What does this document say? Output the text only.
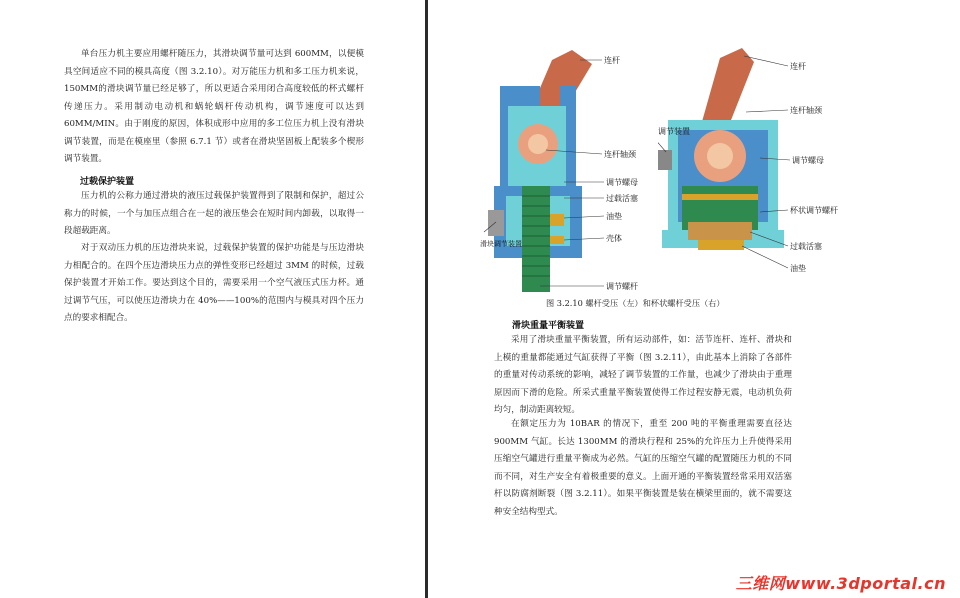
单台压力机主要应用螺杆随压力，其滑块调节量可达到 600MM，以便模具空间适应不同的模具高度（图 3.2.10）。对万能压力机和多工压力机来说，150MM的滑块调节量已经足够了，所以更适合采用闭合高度较低的杯式螺杆传递压力。采用制动电动机和蜗轮蜗杆传动机构，调节速度可以达到 60MM/MIN。由于刚度的原因，体积成形中应用的多工位压力机上没有滑块调节装置，而是在模座里（参照 6.7.1 节）或者在滑块坚固板上配装多个楔形调节装置。

过载保护装置

压力机的公称力通过滑块的液压过载保护装置得到了限制和保护，超过公称力的时候，一个与加压点组合在一起的液压垫会在短时间内卸载，以取得一段超载距离。

对于双动压力机的压边滑块来说，过载保护装置的保护功能是与压边滑块力相配合的。在四个压边滑块压力点的弹性变形已经超过 3MM 的时候，过载保护装置才开始工作。要达到这个目的，需要采用一个空气液压式压力杯。通过调节气压，可以使压边滑块力在 40%——100%的范围内与模具对四个压力点的要求相配合。

连杆
连杆轴颈
调节螺母
过载活塞
油垫
壳体
滑块调节装置
调节螺杆
连杆
连杆轴颈
调节装置
调节螺母
杯状调节螺杆
过载活塞
油垫

图 3.2.10 螺杆受压（左）和杯状螺杆受压（右）

滑块重量平衡装置

采用了滑块重量平衡装置，所有运动部件，如：活节连杆、连杆、滑块和上模的重量都能通过气缸获得了平衡（图 3.2.11），由此基本上消除了各部件的重量对传动系统的影响，减轻了调节装置的工作量，也减少了滑块由于重理原因而下滑的危险。所采式重量平衡装置使得工作过程安静无震，电动机负荷均匀，制动距离较短。

在额定压力为 10BAR 的情况下，重至 200 吨的平衡重理需要直径达 900MM 气缸。长达 1300MM 的滑块行程和 25%的允许压力上升使得采用压缩空气罐进行重量平衡成为必然。气缸的压缩空气罐的配置随压力机的不同而不同，对生产安全有着极重要的意义。上面开通的平衡装置经常采用双活塞杆以防腐剂断裂（图 3.2.11）。如果平衡装置是装在横梁里面的，就不需要这种安全结构型式。

三维网www.3dportal.cn
